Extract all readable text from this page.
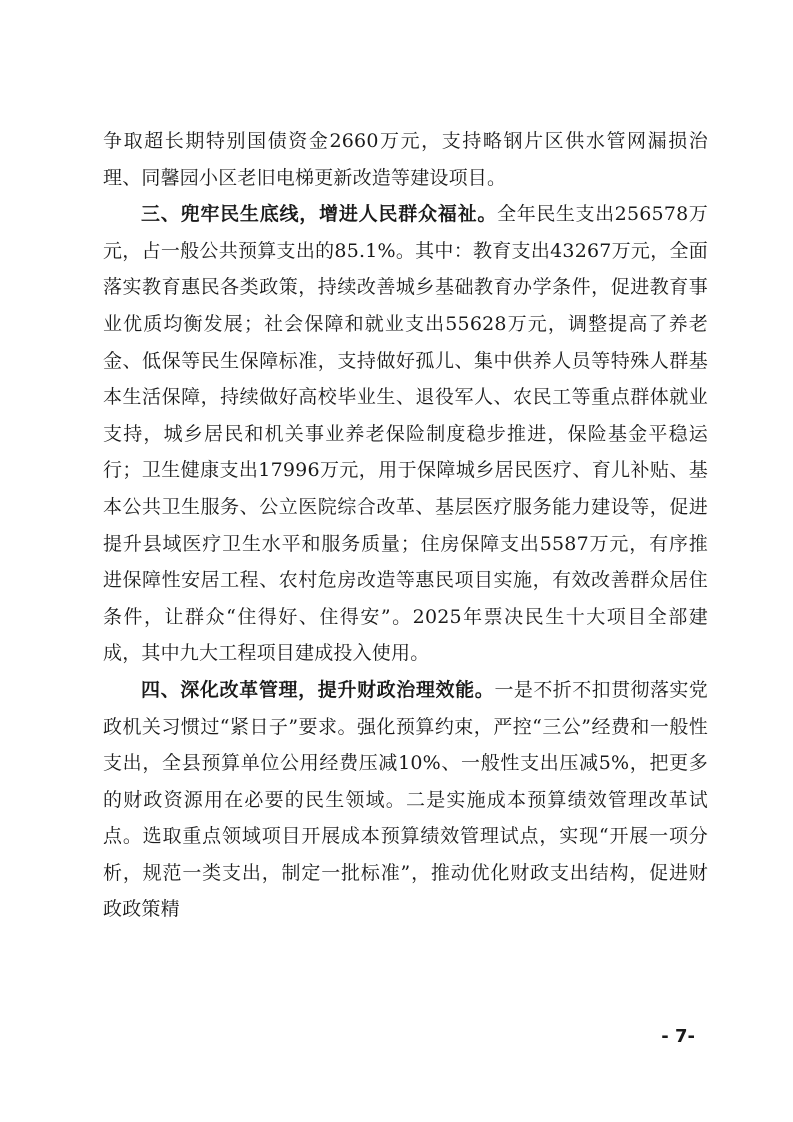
争取超长期特别国债资金2660万元，支持略钢片区供水管网漏损治理、同馨园小区老旧电梯更新改造等建设项目。

三、兜牢民生底线，增进人民群众福祉。全年民生支出256578万元，占一般公共预算支出的85.1%。其中：教育支出43267万元，全面落实教育惠民各类政策，持续改善城乡基础教育办学条件，促进教育事业优质均衡发展；社会保障和就业支出55628万元，调整提高了养老金、低保等民生保障标准，支持做好孤儿、集中供养人员等特殊人群基本生活保障，持续做好高校毕业生、退役军人、农民工等重点群体就业支持，城乡居民和机关事业养老保险制度稳步推进，保险基金平稳运行；卫生健康支出17996万元，用于保障城乡居民医疗、育儿补贴、基本公共卫生服务、公立医院综合改革、基层医疗服务能力建设等，促进提升县域医疗卫生水平和服务质量；住房保障支出5587万元，有序推进保障性安居工程、农村危房改造等惠民项目实施，有效改善群众居住条件，让群众“住得好、住得安”。2025年票决民生十大项目全部建成，其中九大工程项目建成投入使用。

四、深化改革管理，提升财政治理效能。一是不折不扣贯彻落实党政机关习惯过“紧日子”要求。强化预算约束，严控“三公”经费和一般性支出，全县预算单位公用经费压减10%、一般性支出压减5%，把更多的财政资源用在必要的民生领域。二是实施成本预算绩效管理改革试点。选取重点领域项目开展成本预算绩效管理试点，实现“开展一项分析，规范一类支出，制定一批标准”，推动优化财政支出结构，促进财政政策精

- 7-
